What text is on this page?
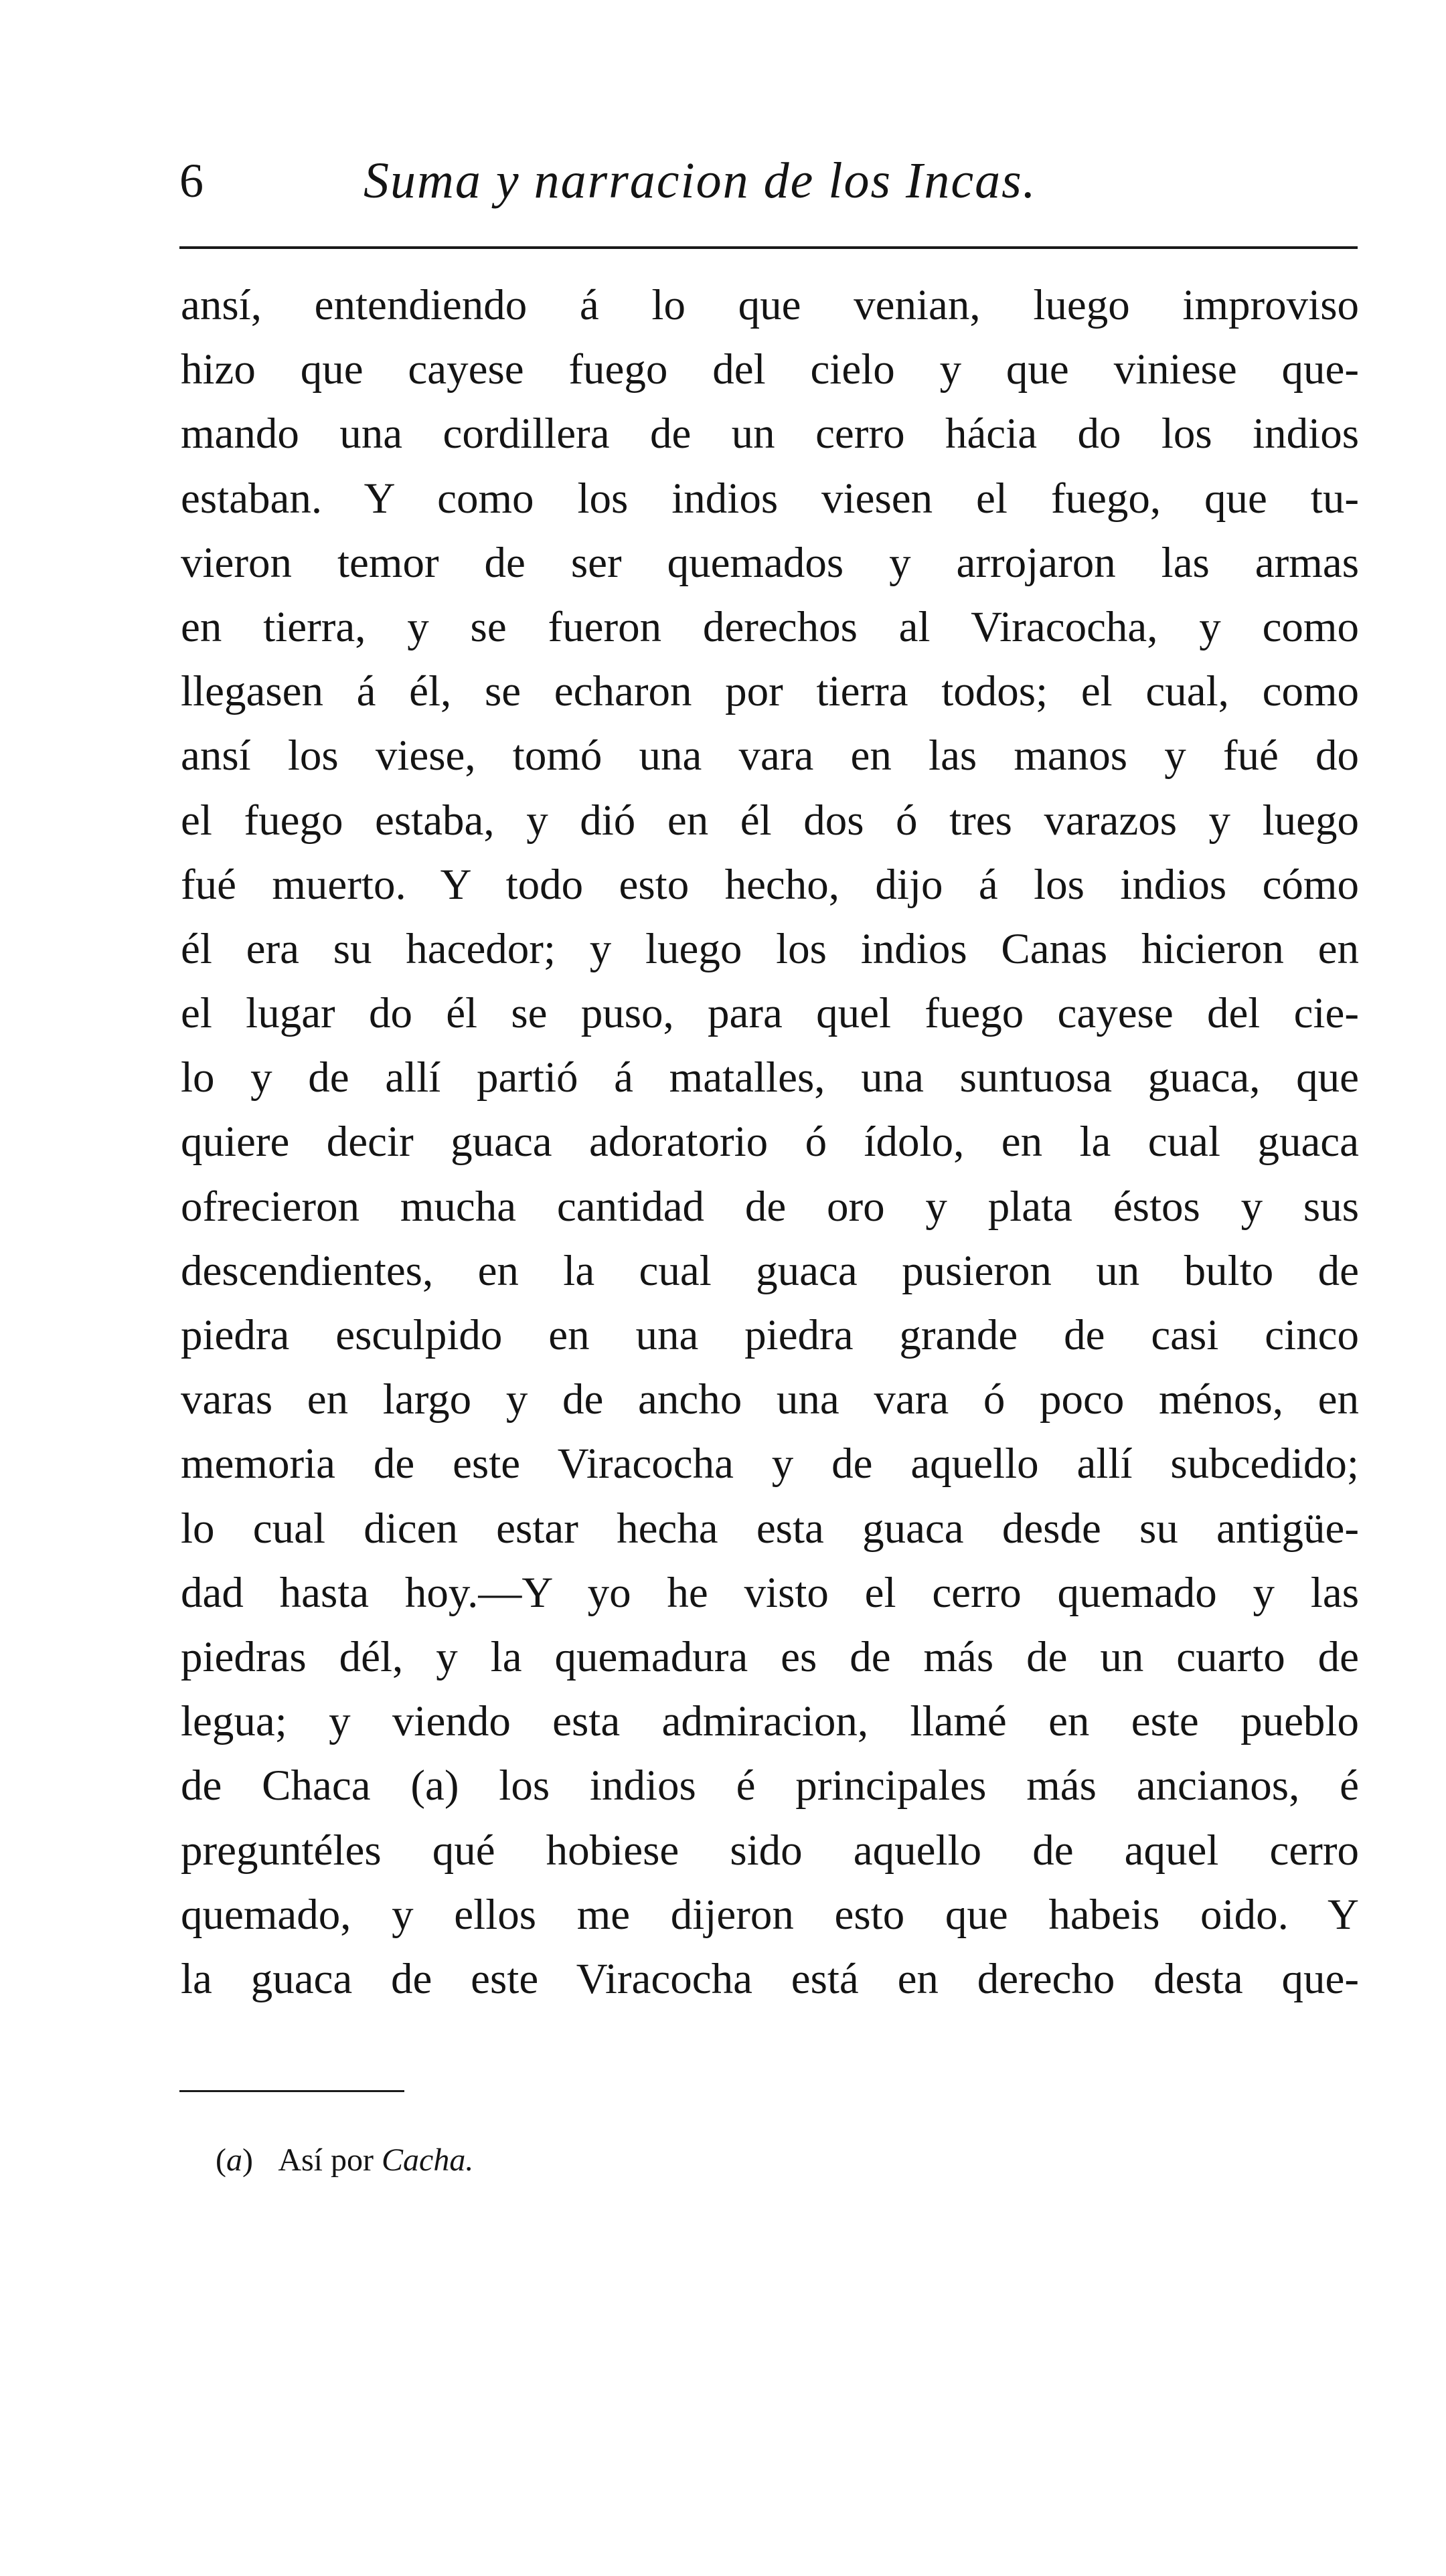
6	Suma y narracion de los Incas.
ansí, entendiendo á lo que venian, luego improviso
hizo que cayese fuego del cielo y que viniese que-
mando una cordillera de un cerro hácia do los indios
estaban. Y como los indios viesen el fuego, que tu-
vieron temor de ser quemados y arrojaron las armas
en tierra, y se fueron derechos al Viracocha, y como
llegasen á él, se echaron por tierra todos; el cual, como
ansí los viese, tomó una vara en las manos y fué do
el fuego estaba, y dió en él dos ó tres varazos y luego
fué muerto. Y todo esto hecho, dijo á los indios cómo
él era su hacedor; y luego los indios Canas hicieron en
el lugar do él se puso, para quel fuego cayese del cie-
lo y de allí partió á matalles, una suntuosa guaca, que
quiere decir guaca adoratorio ó ídolo, en la cual guaca
ofrecieron mucha cantidad de oro y plata éstos y sus
descendientes, en la cual guaca pusieron un bulto de
piedra esculpido en una piedra grande de casi cinco
varas en largo y de ancho una vara ó poco ménos, en
memoria de este Viracocha y de aquello allí subcedido;
lo cual dicen estar hecha esta guaca desde su antigüe-
dad hasta hoy.—Y yo he visto el cerro quemado y las
piedras dél, y la quemadura es de más de un cuarto de
legua; y viendo esta admiracion, llamé en este pueblo
de Chaca (a) los indios é principales más ancianos, é
preguntéles qué hobiese sido aquello de aquel cerro
quemado, y ellos me dijeron esto que habeis oido. Y
la guaca de este Viracocha está en derecho desta que-
(a) Así por Cacha.
